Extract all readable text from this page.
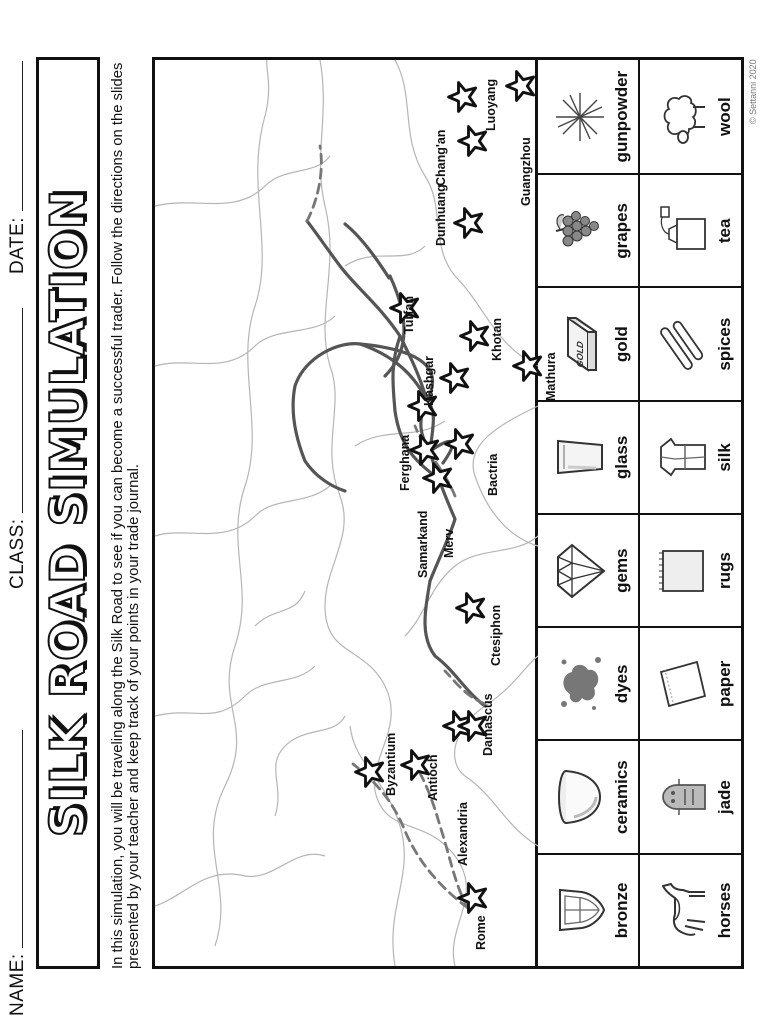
NAME:
CLASS:
DATE: SILK ROAD SIMULATION In this simulation, you will be traveling along the Silk Road to see if you can become a successful trader. Follow the directions on the slides presented by your teacher and keep track of your points in your trade journal.	Rome
Byzantium Antioch
Alexandria
Damascus
Ctesiphon
Merv
Samarkand
Ferghana	Bactria
Kashgar
Turfan
Khotan
Mathura
Dunhuang
Chang'an
Luoyang
Guangzhou
bronze
ceramics
dyes
gems
glass
GOLD gold
grapes
gunpowder
horses
jade
paper
rugs
silk
spices
tea
wool © Settanni 2020
